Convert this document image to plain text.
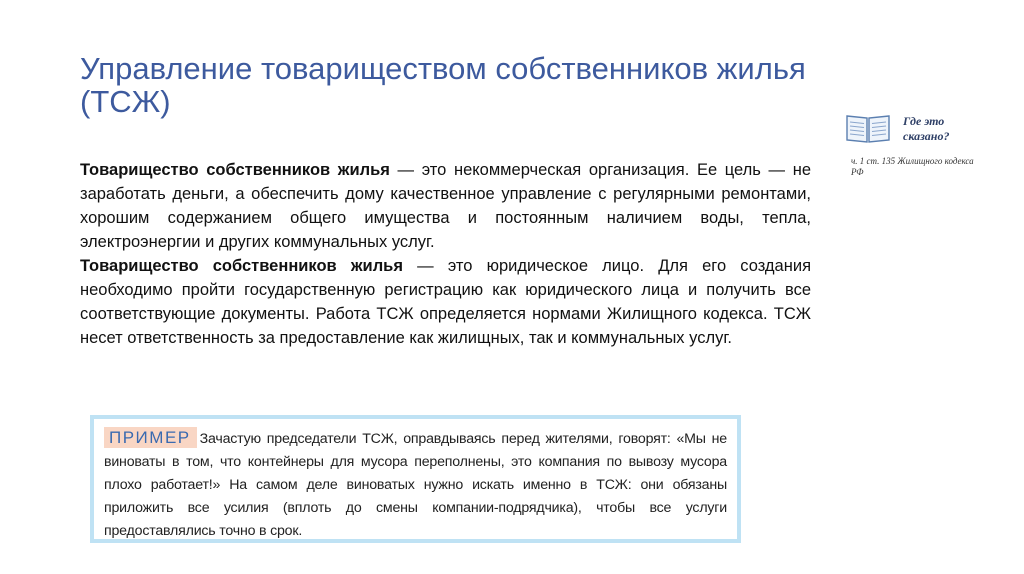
Управление товариществом собственников жилья (ТСЖ)
Где это сказано?
ч. 1 ст. 135 Жилищного кодекса РФ

Товарищество собственников жилья — это некоммерческая организация. Ее цель — не заработать деньги, а обеспечить дому качественное управление с регулярными ремонтами, хорошим содержанием общего имущества и постоянным наличием воды, тепла, электроэнергии и других коммунальных услуг.

Товарищество собственников жилья — это юридическое лицо. Для его создания необходимо пройти государственную регистрацию как юридического лица и получить все соответствующие документы. Работа ТСЖ определяется нормами Жилищного кодекса. ТСЖ несет ответственность за предоставление как жилищных, так и коммунальных услуг.

ПРИМЕР Зачастую председатели ТСЖ, оправдываясь перед жителями, говорят: «Мы не виноваты в том, что контейнеры для мусора переполнены, это компания по вывозу мусора плохо работает!» На самом деле виноватых нужно искать именно в ТСЖ: они обязаны приложить все усилия (вплоть до смены компании-подрядчика), чтобы все услуги предоставлялись точно в срок.
